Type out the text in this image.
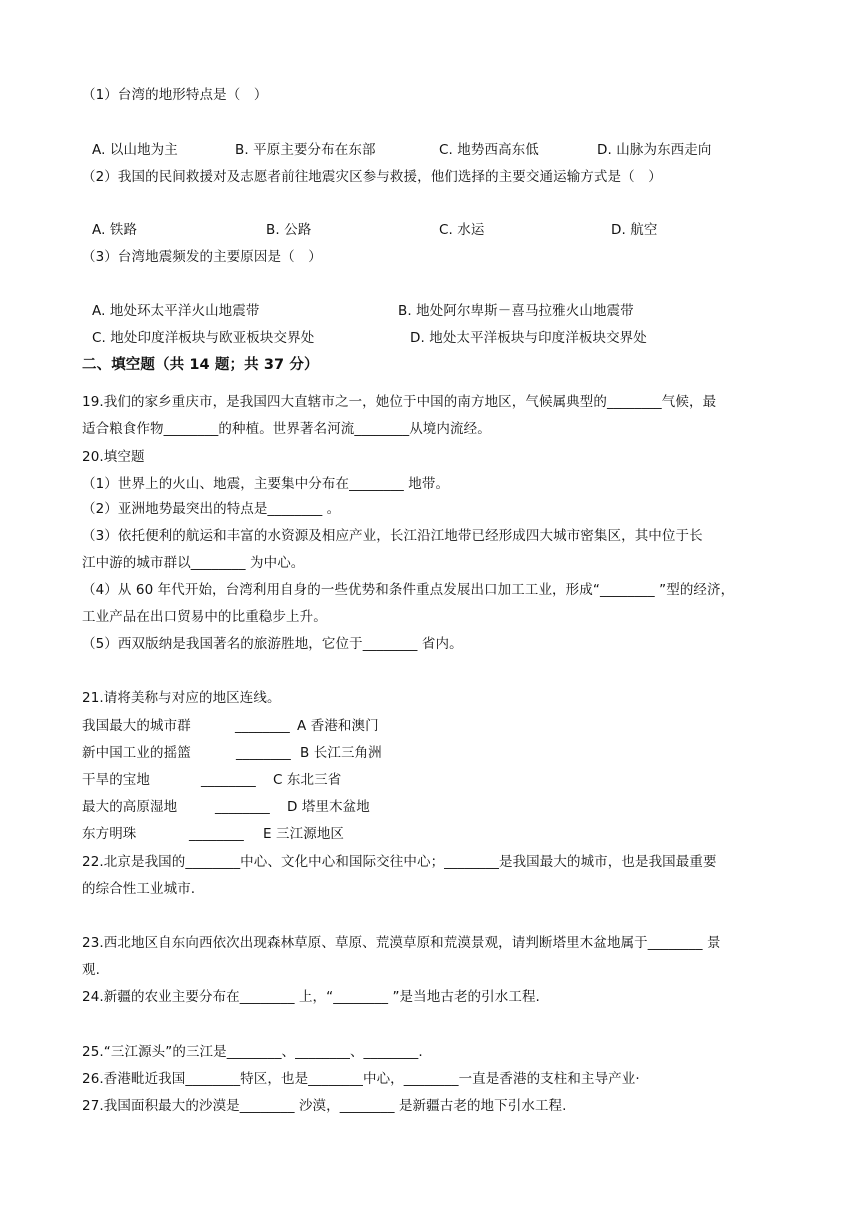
（1）台湾的地形特点是（　）
A. 以山地为主	B. 平原主要分布在东部	C. 地势西高东低	D. 山脉为东西走向
（2）我国的民间救援对及志愿者前往地震灾区参与救援，他们选择的主要交通运输方式是（　）
A. 铁路	B. 公路	C. 水运	D. 航空
（3）台湾地震频发的主要原因是（　）
A. 地处环太平洋火山地震带	B. 地处阿尔卑斯－喜马拉雅火山地震带
C. 地处印度洋板块与欧亚板块交界处	D. 地处太平洋板块与印度洋板块交界处
二、填空题（共 14 题；共 37 分）
19.我们的家乡重庆市，是我国四大直辖市之一，她位于中国的南方地区，气候属典型的________气候，最
适合粮食作物________的种植。世界著名河流________从境内流经。
20.填空题
（1）世界上的火山、地震，主要集中分布在________ 地带。
（2）亚洲地势最突出的特点是________ 。
（3）依托便利的航运和丰富的水资源及相应产业，长江沿江地带已经形成四大城市密集区，其中位于长
江中游的城市群以________ 为中心。
（4）从 60 年代开始，台湾利用自身的一些优势和条件重点发展出口加工工业，形成“________ ”型的经济，
工业产品在出口贸易中的比重稳步上升。
（5）西双版纳是我国著名的旅游胜地，它位于________ 省内。
21.请将美称与对应的地区连线。
我国最大的城市群	________ A 香港和澳门
新中国工业的摇篮	________ B 长江三角洲
干旱的宝地	________ C 东北三省
最大的高原湿地	________ D 塔里木盆地
东方明珠	________ E 三江源地区
22.北京是我国的________中心、文化中心和国际交往中心；________是我国最大的城市，也是我国最重要
的综合性工业城市.
23.西北地区自东向西依次出现森林草原、草原、荒漠草原和荒漠景观，请判断塔里木盆地属于________ 景
观.
24.新疆的农业主要分布在________ 上，“________ ”是当地古老的引水工程.
25.“三江源头”的三江是________、________、________.
26.香港毗近我国________特区，也是________中心，________一直是香港的支柱和主导产业·
27.我国面积最大的沙漠是________ 沙漠，________ 是新疆古老的地下引水工程.
